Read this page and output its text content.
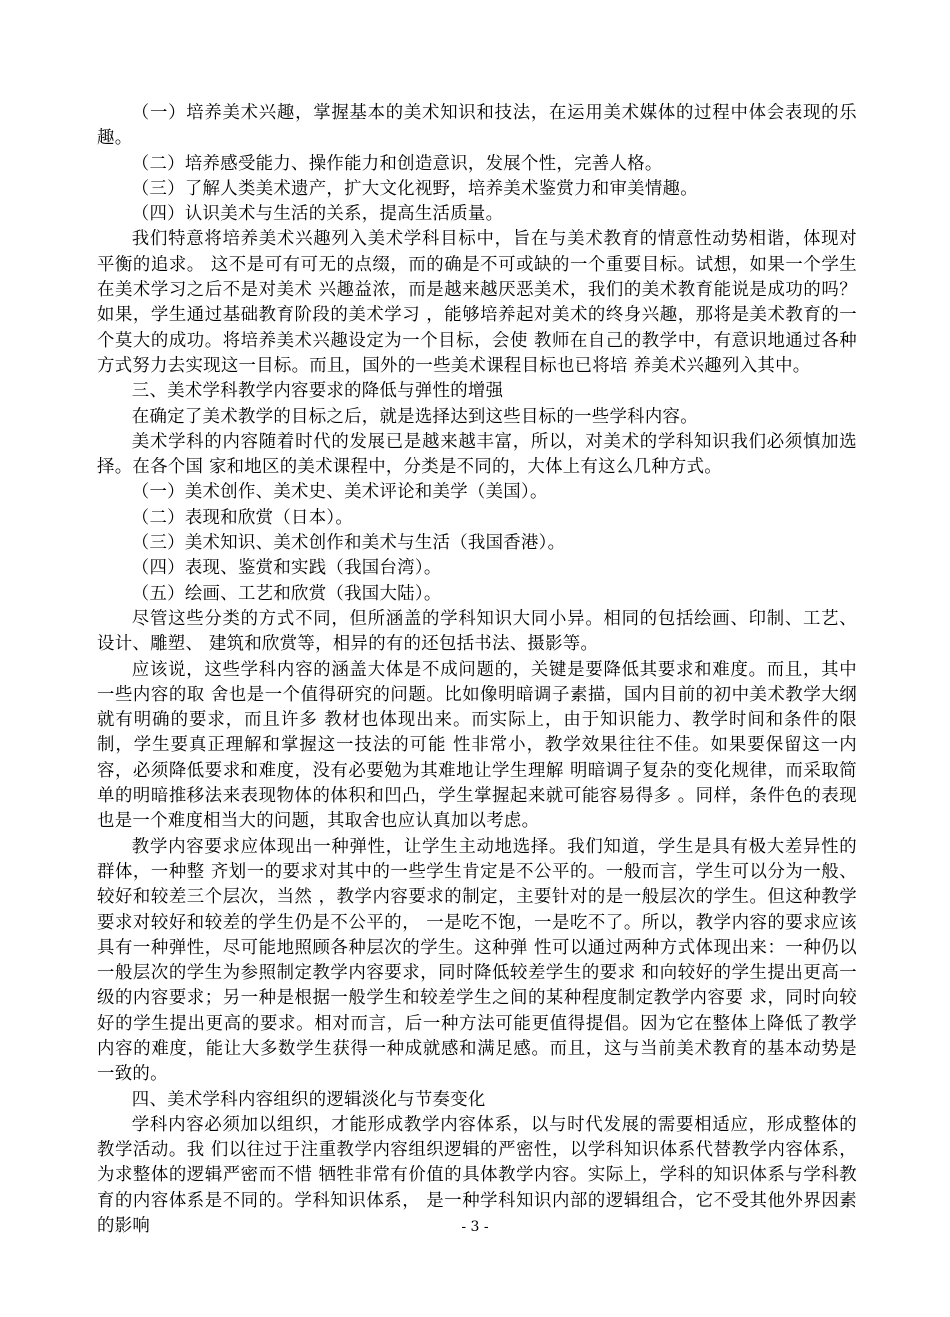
（一）培养美术兴趣，掌握基本的美术知识和技法，在运用美术媒体的过程中体会表现的乐趣。

（二）培养感受能力、操作能力和创造意识，发展个性，完善人格。

（三）了解人类美术遗产，扩大文化视野，培养美术鉴赏力和审美情趣。

（四）认识美术与生活的关系，提高生活质量。

我们特意将培养美术兴趣列入美术学科目标中，旨在与美术教育的情意性动势相谐，体现对平衡的追求。 这不是可有可无的点缀，而的确是不可或缺的一个重要目标。试想，如果一个学生在美术学习之后不是对美术 兴趣益浓，而是越来越厌恶美术，我们的美术教育能说是成功的吗？如果，学生通过基础教育阶段的美术学习 ，能够培养起对美术的终身兴趣，那将是美术教育的一个莫大的成功。将培养美术兴趣设定为一个目标，会使 教师在自己的教学中，有意识地通过各种方式努力去实现这一目标。而且，国外的一些美术课程目标也已将培 养美术兴趣列入其中。

三、美术学科教学内容要求的降低与弹性的增强

在确定了美术教学的目标之后，就是选择达到这些目标的一些学科内容。

美术学科的内容随着时代的发展已是越来越丰富，所以，对美术的学科知识我们必须慎加选择。在各个国 家和地区的美术课程中，分类是不同的，大体上有这么几种方式。

（一）美术创作、美术史、美术评论和美学（美国）。

（二）表现和欣赏（日本）。

（三）美术知识、美术创作和美术与生活（我国香港）。

（四）表现、鉴赏和实践（我国台湾）。

（五）绘画、工艺和欣赏（我国大陆）。

尽管这些分类的方式不同，但所涵盖的学科知识大同小异。相同的包括绘画、印制、工艺、设计、雕塑、 建筑和欣赏等，相异的有的还包括书法、摄影等。

应该说，这些学科内容的涵盖大体是不成问题的，关键是要降低其要求和难度。而且，其中一些内容的取 舍也是一个值得研究的问题。比如像明暗调子素描，国内目前的初中美术教学大纲就有明确的要求，而且许多 教材也体现出来。而实际上，由于知识能力、教学时间和条件的限制，学生要真正理解和掌握这一技法的可能 性非常小，教学效果往往不佳。如果要保留这一内容，必须降低要求和难度，没有必要勉为其难地让学生理解 明暗调子复杂的变化规律，而采取简单的明暗推移法来表现物体的体积和凹凸，学生掌握起来就可能容易得多 。同样，条件色的表现也是一个难度相当大的问题，其取舍也应认真加以考虑。

教学内容要求应体现出一种弹性，让学生主动地选择。我们知道，学生是具有极大差异性的群体，一种整 齐划一的要求对其中的一些学生肯定是不公平的。一般而言，学生可以分为一般、较好和较差三个层次，当然 ，教学内容要求的制定，主要针对的是一般层次的学生。但这种教学要求对较好和较差的学生仍是不公平的， 一是吃不饱，一是吃不了。所以，教学内容的要求应该具有一种弹性，尽可能地照顾各种层次的学生。这种弹 性可以通过两种方式体现出来：一种仍以一般层次的学生为参照制定教学内容要求，同时降低较差学生的要求 和向较好的学生提出更高一级的内容要求；另一种是根据一般学生和较差学生之间的某种程度制定教学内容要 求，同时向较好的学生提出更高的要求。相对而言，后一种方法可能更值得提倡。因为它在整体上降低了教学 内容的难度，能让大多数学生获得一种成就感和满足感。而且，这与当前美术教育的基本动势是一致的。

四、美术学科内容组织的逻辑淡化与节奏变化

学科内容必须加以组织，才能形成教学内容体系，以与时代发展的需要相适应，形成整体的教学活动。我 们以往过于注重教学内容组织逻辑的严密性，以学科知识体系代替教学内容体系，为求整体的逻辑严密而不惜 牺牲非常有价值的具体教学内容。实际上，学科的知识体系与学科教育的内容体系是不同的。学科知识体系， 是一种学科知识内部的逻辑组合，它不受其他外界因素的影响	- 3 -
